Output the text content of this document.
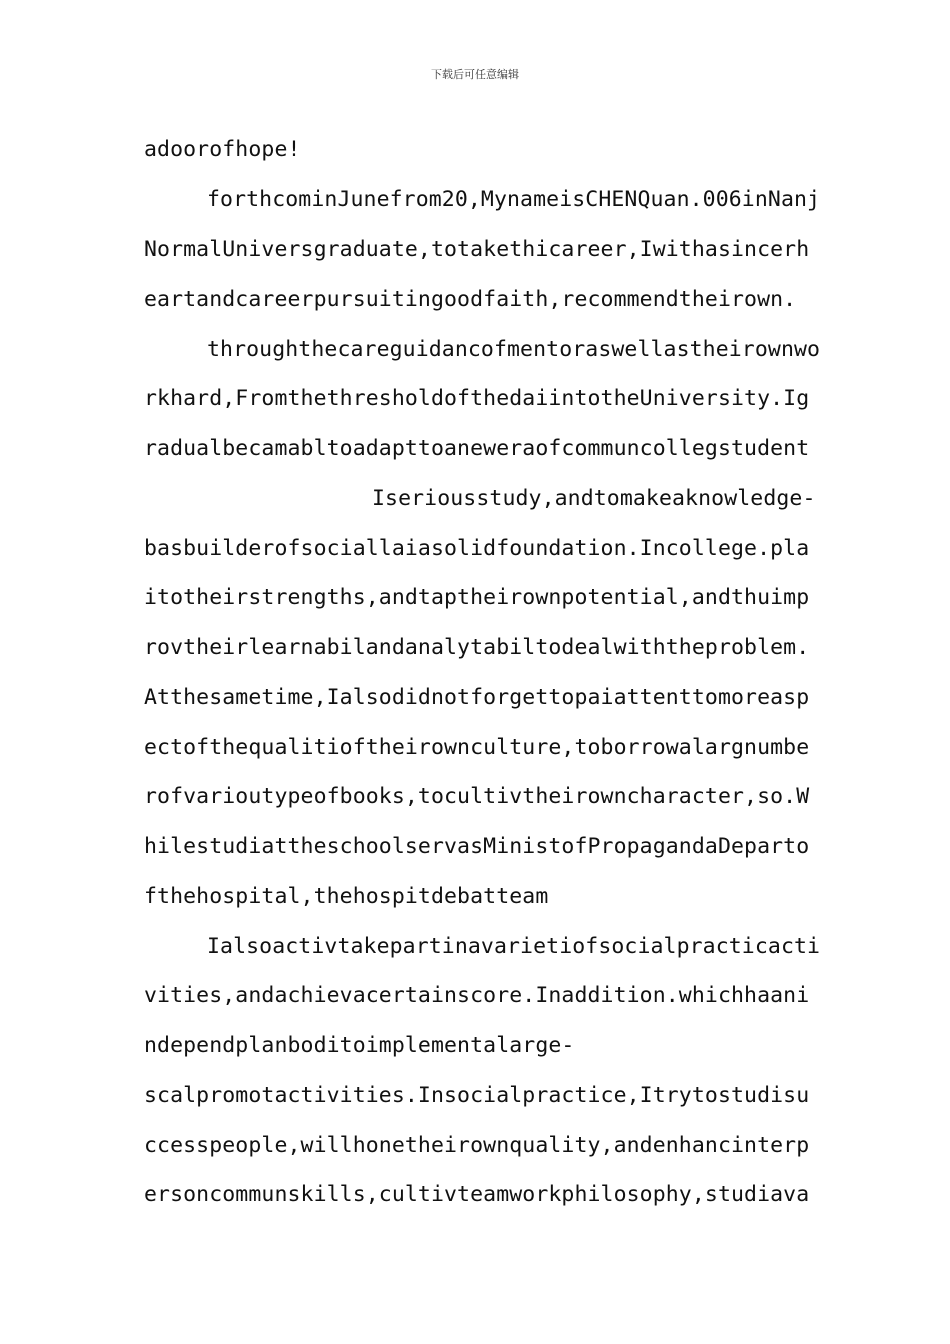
下载后可任意编辑
adoorofhope!
forthcominJunefrom20,MynameisCHENQuan.006inNanj
NormalUniversgraduate,totakethicareer,Iwithasincerh
eartandcareerpursuitingoodfaith,recommendtheirown.
throughthecareguidancofmentoraswellastheirownwo
rkhard,FromthethresholdofthedaiintotheUniversity.Ig
radualbecamabltoadapttoaneweraofcommuncollegstudent
Iseriousstudy,andtomakeaknowledge-
basbuilderofsociallaiasolidfoundation.Incollege.pla
itotheirstrengths,andtaptheirownpotential,andthuimp
rovtheirlearnabilandanalytabiltodealwiththeproblem.
Atthesametime,Ialsodidnotforgettopaiattenttomoreasp
ectofthequalitioftheirownculture,toborrowalargnumbe
rofvarioutypeofbooks,tocultivtheirowncharacter,so.W
hilestudiattheschoolservasMinistofPropagandaDeparto
fthehospital,thehospitdebatteam
Ialsoactivtakepartinavarietiofsocialpracticacti
vities,andachievacertainscore.Inaddition.whichhaani
ndependplanboditoimplementalarge-
scalpromotactivities.Insocialpractice,Itrytostudisu
ccesspeople,willhonetheirownquality,andenhancinterp
ersoncommunskills,cultivteamworkphilosophy,studiava
